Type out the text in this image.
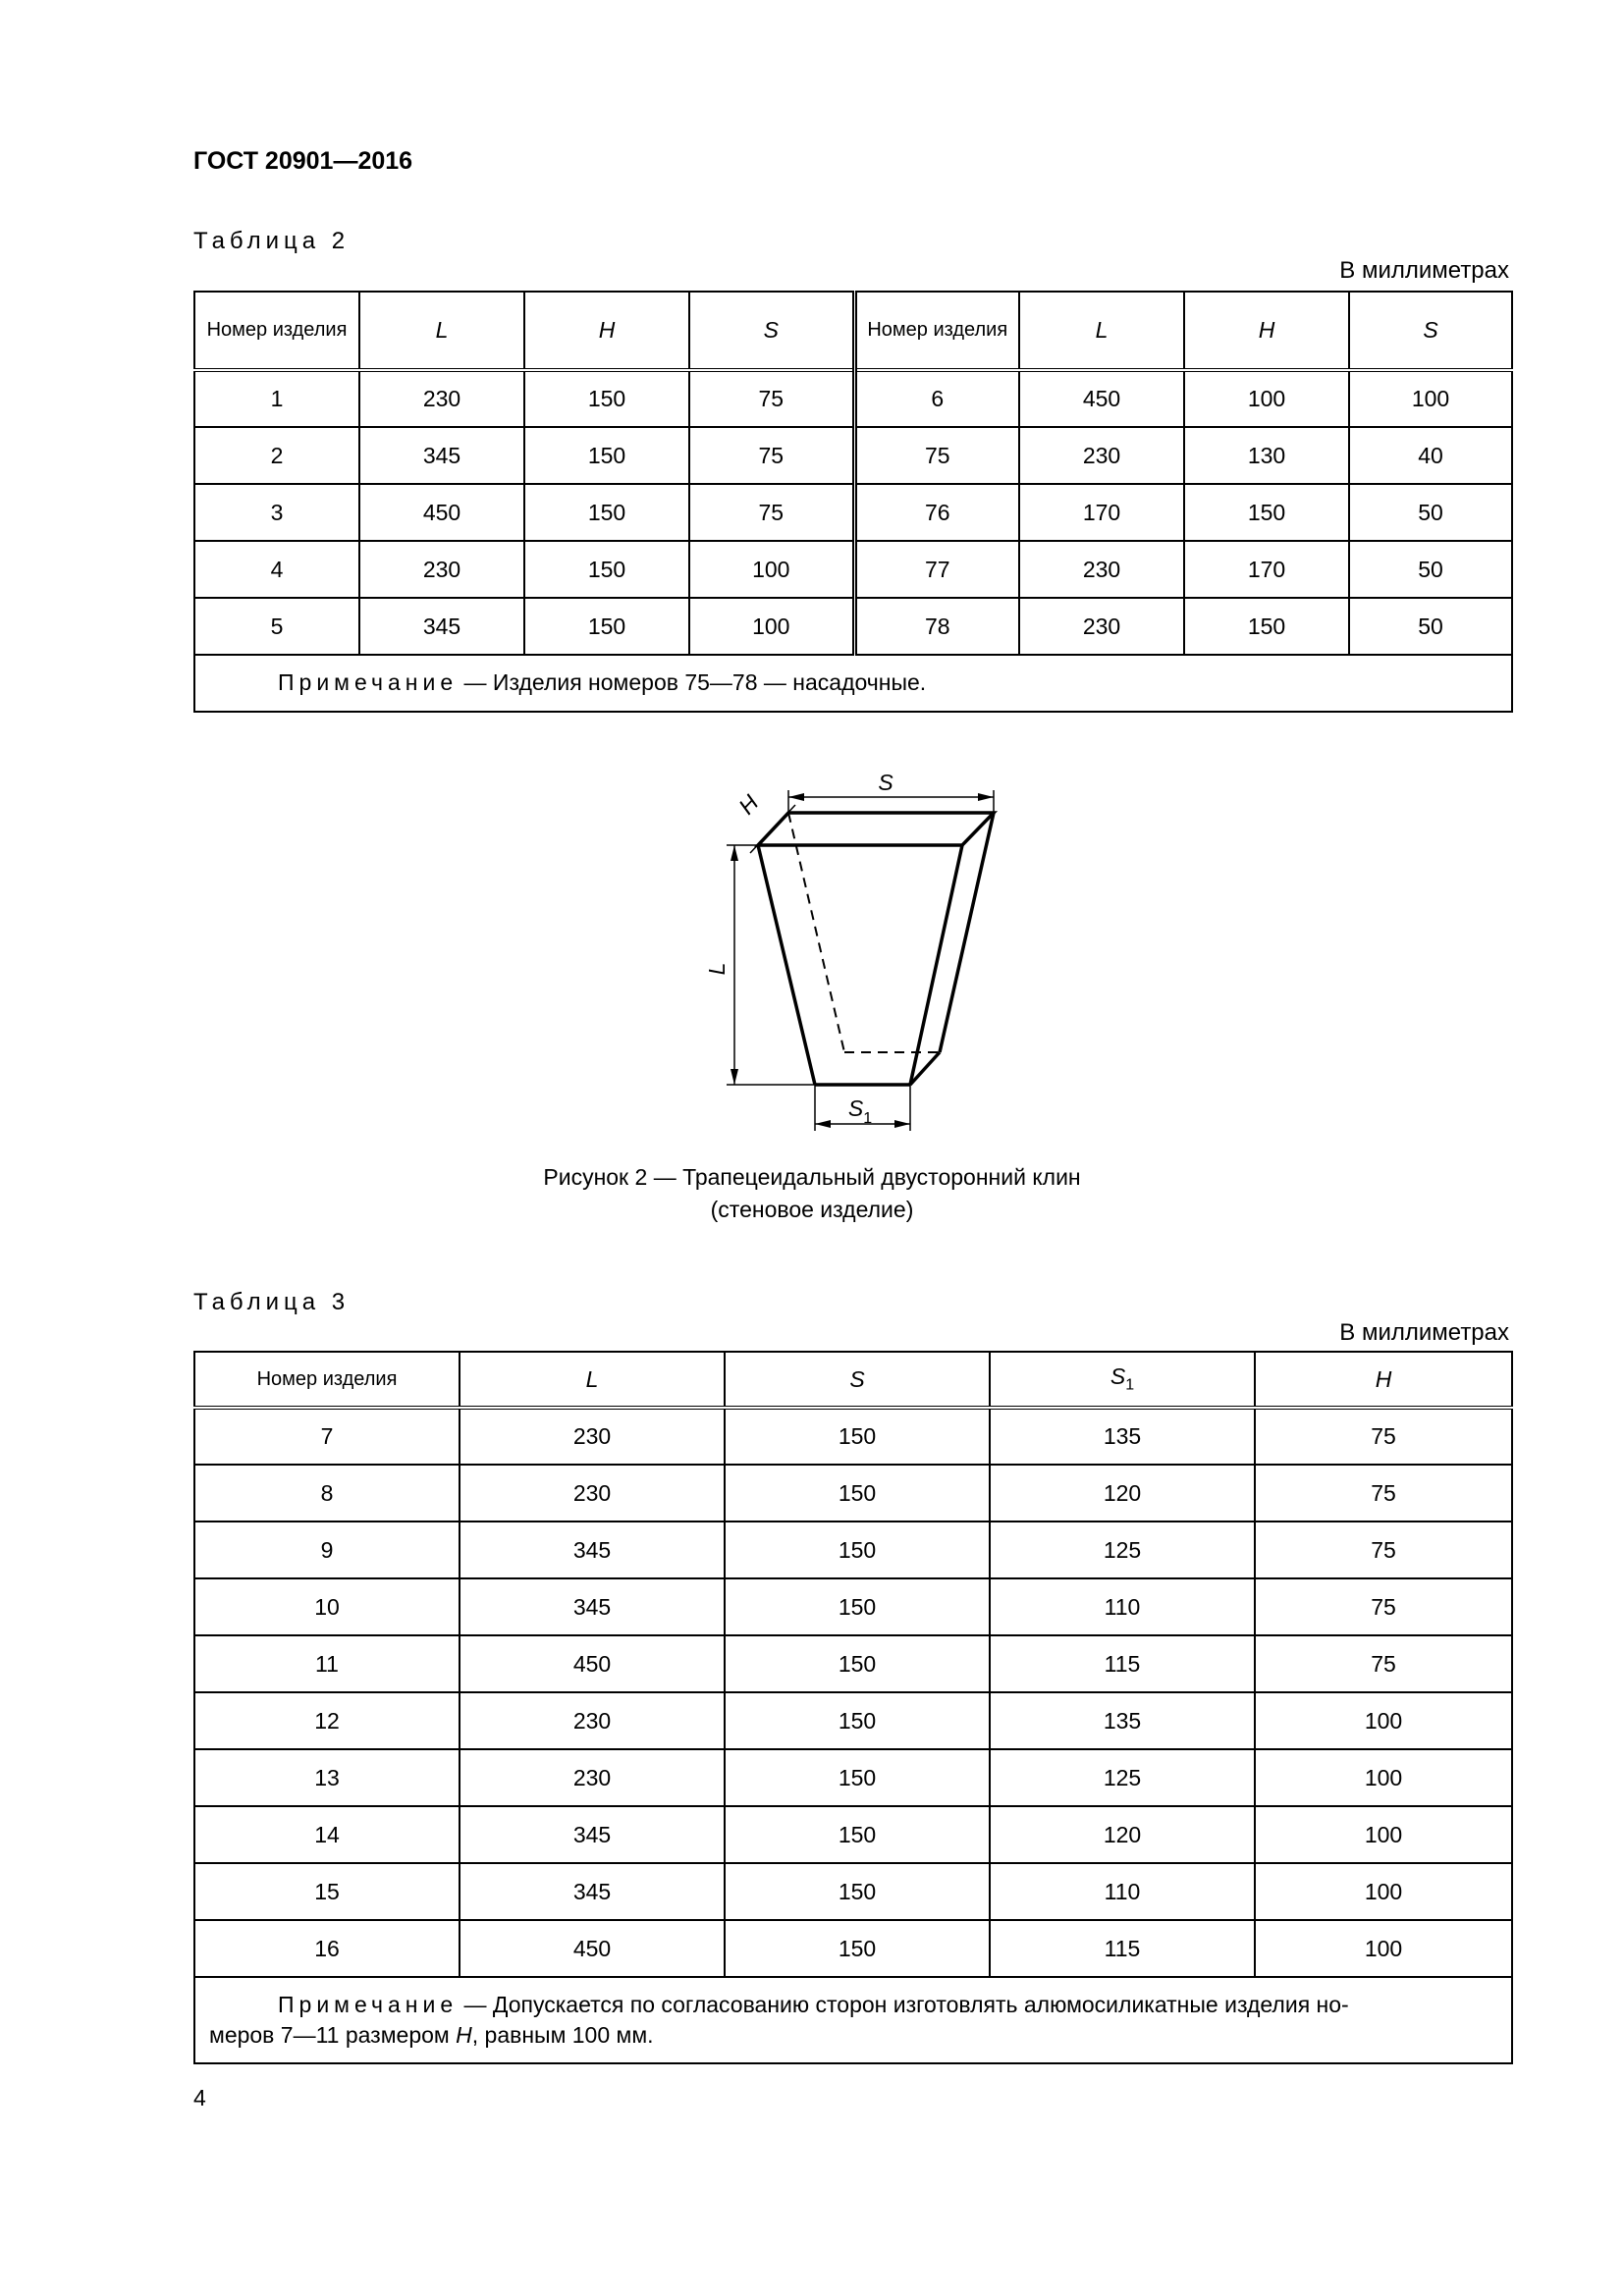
ГОСТ 20901—2016
Таблица 2
В миллиметрах
Номер изделия	L	H	S	Номер изделия	L	H	S
1	230	150	75	6	450	100	100
2	345	150	75	75	230	130	40
3	450	150	75	76	170	150	50
4	230	150	100	77	230	170	50
5	345	150	100	78	230	150	50
Примечание — Изделия номеров 75—78 — насадочные.							
S
H
L
$S_1$
Рисунок 2 — Трапецеидальный двусторонний клин
(стеновое изделие)
Таблица 3
В миллиметрах
Номер изделия	L	S	$S_1$	H
7	230	150	135	75
8	230	150	120	75
9	345	150	125	75
10	345	150	110	75
11	450	150	115	75
12	230	150	135	100
13	230	150	125	100
14	345	150	120	100
15	345	150	110	100
16	450	150	115	100

Примечание — Допускается по согласованию сторон изготовлять алюмосиликатные изделия но-
меров 7—11 размером H, равным 100 мм.				
4
